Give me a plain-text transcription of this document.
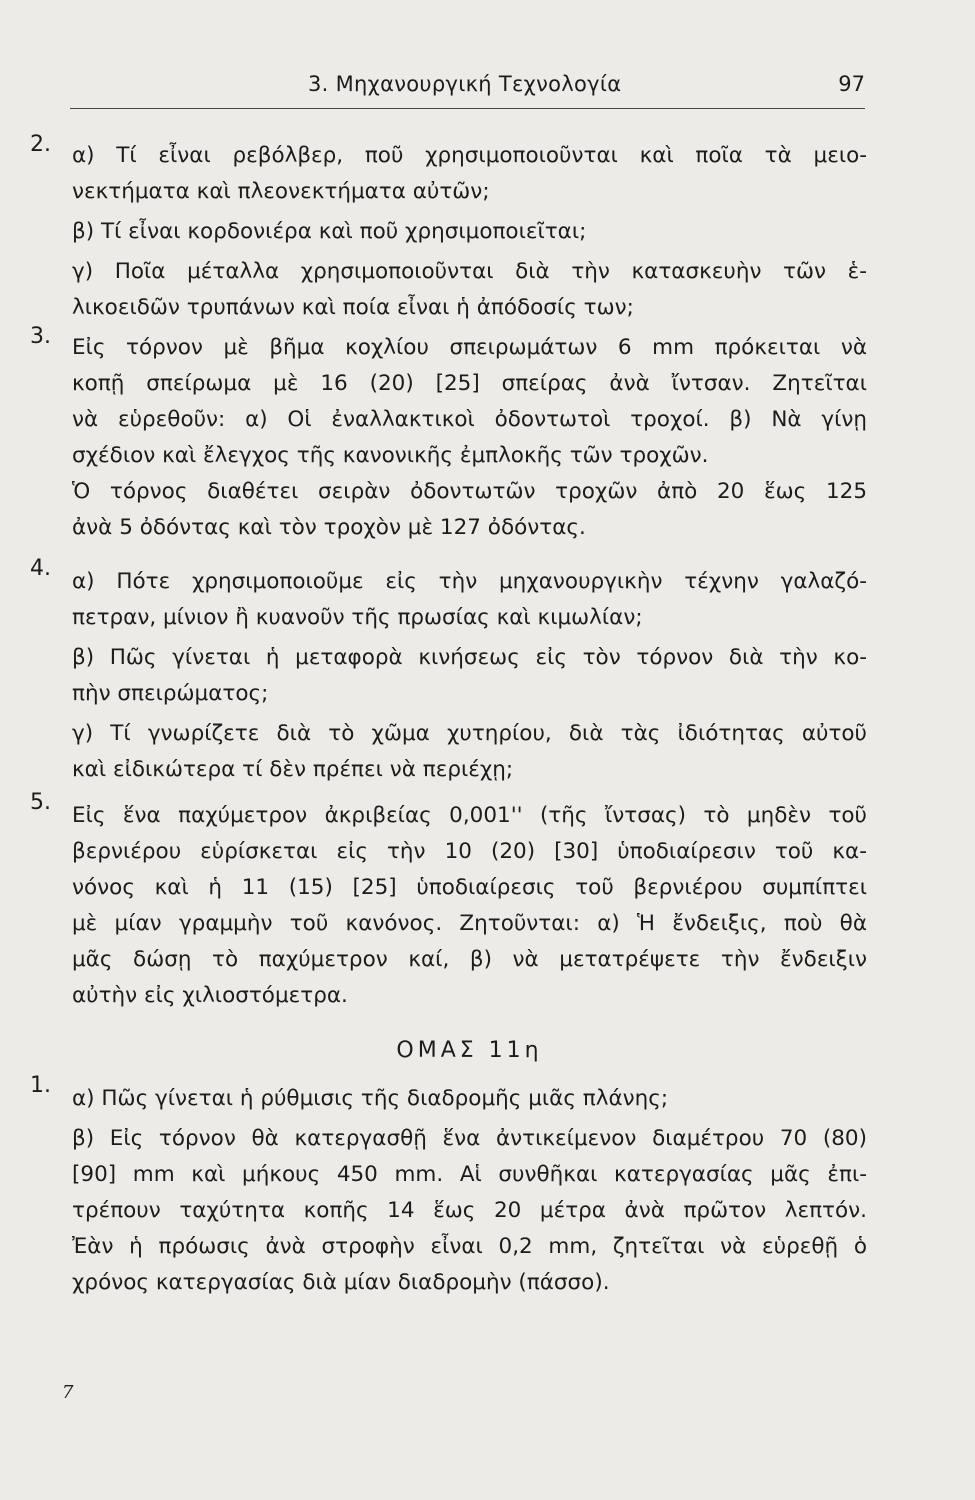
3. Μηχανουργική Τεχνολογία	97
2. α) Τί εἶναι ρεβόλβερ, ποῦ χρησιμοποιοῦνται καὶ ποῖα τὰ μειο-
νεκτήματα καὶ πλεονεκτήματα αὐτῶν;
β) Τί εἶναι κορδονιέρα καὶ ποῦ χρησιμοποιεῖται;
γ) Ποῖα μέταλλα χρησιμοποιοῦνται διὰ τὴν κατασκευὴν τῶν ἑ-
λικοειδῶν τρυπάνων καὶ ποία εἶναι ἡ ἀπόδοσίς των;
3. Εἰς τόρνον μὲ βῆμα κοχλίου σπειρωμάτων 6 mm πρόκειται νὰ
κοπῇ σπείρωμα μὲ 16 (20) [25] σπείρας ἀνὰ ἴντσαν. Ζητεῖται
νὰ εὑρεθοῦν: α) Οἱ ἐναλλακτικοὶ ὀδοντωτοὶ τροχοί. β) Νὰ γίνῃ
σχέδιον καὶ ἔλεγχος τῆς κανονικῆς ἐμπλοκῆς τῶν τροχῶν.
Ὁ τόρνος διαθέτει σειρὰν ὀδοντωτῶν τροχῶν ἀπὸ 20 ἕως 125
ἀνὰ 5 ὀδόντας καὶ τὸν τροχὸν μὲ 127 ὀδόντας.
4.
α) Πότε χρησιμοποιοῦμε εἰς τὴν μηχανουργικὴν τέχνην γαλαζό-
πετραν, μίνιον ἢ κυανοῦν τῆς πρωσίας καὶ κιμωλίαν;
β) Πῶς γίνεται ἡ μεταφορὰ κινήσεως εἰς τὸν τόρνον διὰ τὴν κο-
πὴν σπειρώματος;
γ) Τί γνωρίζετε διὰ τὸ χῶμα χυτηρίου, διὰ τὰς ἰδιότητας αὐτοῦ
καὶ εἰδικώτερα τί δὲν πρέπει νὰ περιέχῃ;
5.
Εἰς ἕνα παχύμετρον ἀκριβείας 0,001'' (τῆς ἴντσας) τὸ μηδὲν τοῦ
βερνιέρου εὑρίσκεται εἰς τὴν 10 (20) [30] ὑποδιαίρεσιν τοῦ κα-
νόνος καὶ ἡ 11 (15) [25] ὑποδιαίρεσις τοῦ βερνιέρου συμπίπτει
μὲ μίαν γραμμὴν τοῦ κανόνος. Ζητοῦνται: α) Ἡ ἔνδειξις, ποὺ θὰ
μᾶς δώσῃ τὸ παχύμετρον καί, β) νὰ μετατρέψετε τὴν ἔνδειξιν
αὐτὴν εἰς χιλιοστόμετρα.
ΟΜΑΣ 11η
1.
α) Πῶς γίνεται ἡ ρύθμισις τῆς διαδρομῆς μιᾶς πλάνης;
β) Εἰς τόρνον θὰ κατεργασθῇ ἕνα ἀντικείμενον διαμέτρου 70 (80)
[90] mm καὶ μήκους 450 mm. Αἱ συνθῆκαι κατεργασίας μᾶς ἐπι-
τρέπουν ταχύτητα κοπῆς 14 ἕως 20 μέτρα ἀνὰ πρῶτον λεπτόν.
Ἐὰν ἡ πρόωσις ἀνὰ στροφὴν εἶναι 0,2 mm, ζητεῖται νὰ εὑρεθῇ ὁ
χρόνος κατεργασίας διὰ μίαν διαδρομὴν (πάσσο).
7
